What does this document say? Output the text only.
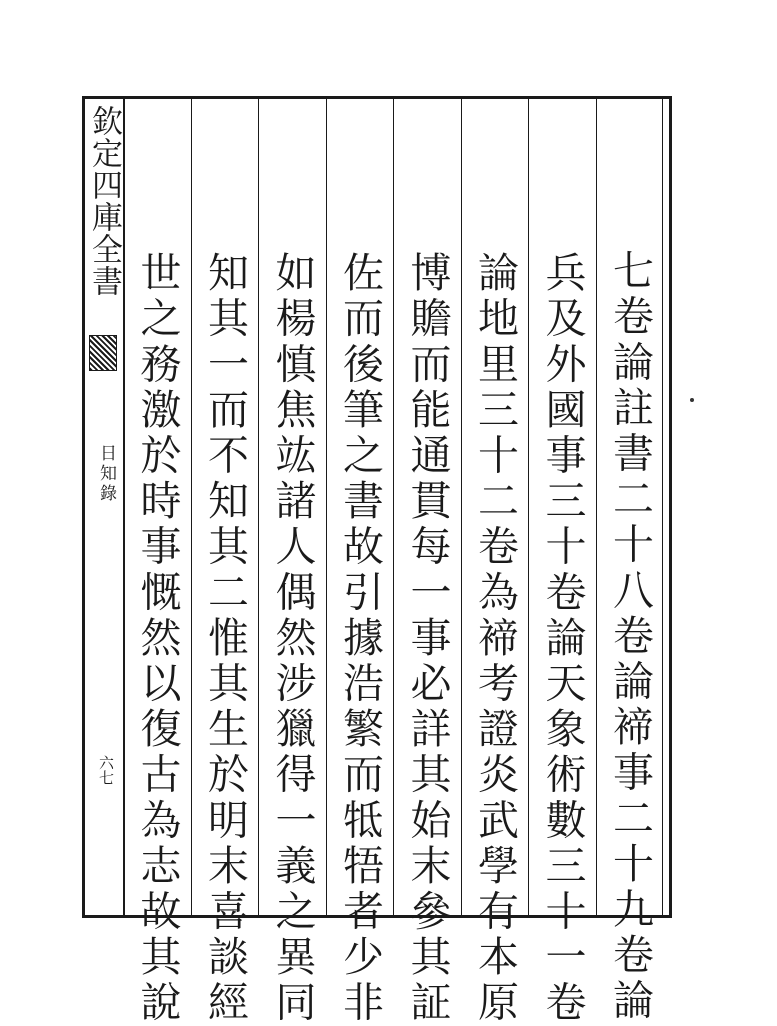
欽定四庫全書
日知錄
六七	七卷論註書二十八卷論褅事二十九卷論
兵及外國事三十卷論天象術數三十一卷
論地里三十二卷為褅考證炎武學有本原
博贍而能通貫每一事必詳其始末參其証
佐而後筆之書故引據浩繁而牴牾者少非
如楊慎焦竑諸人偶然涉獵得一義之異同
知其一而不知其二惟其生於明末喜談經
世之務激於時事慨然以復古為志故其說
